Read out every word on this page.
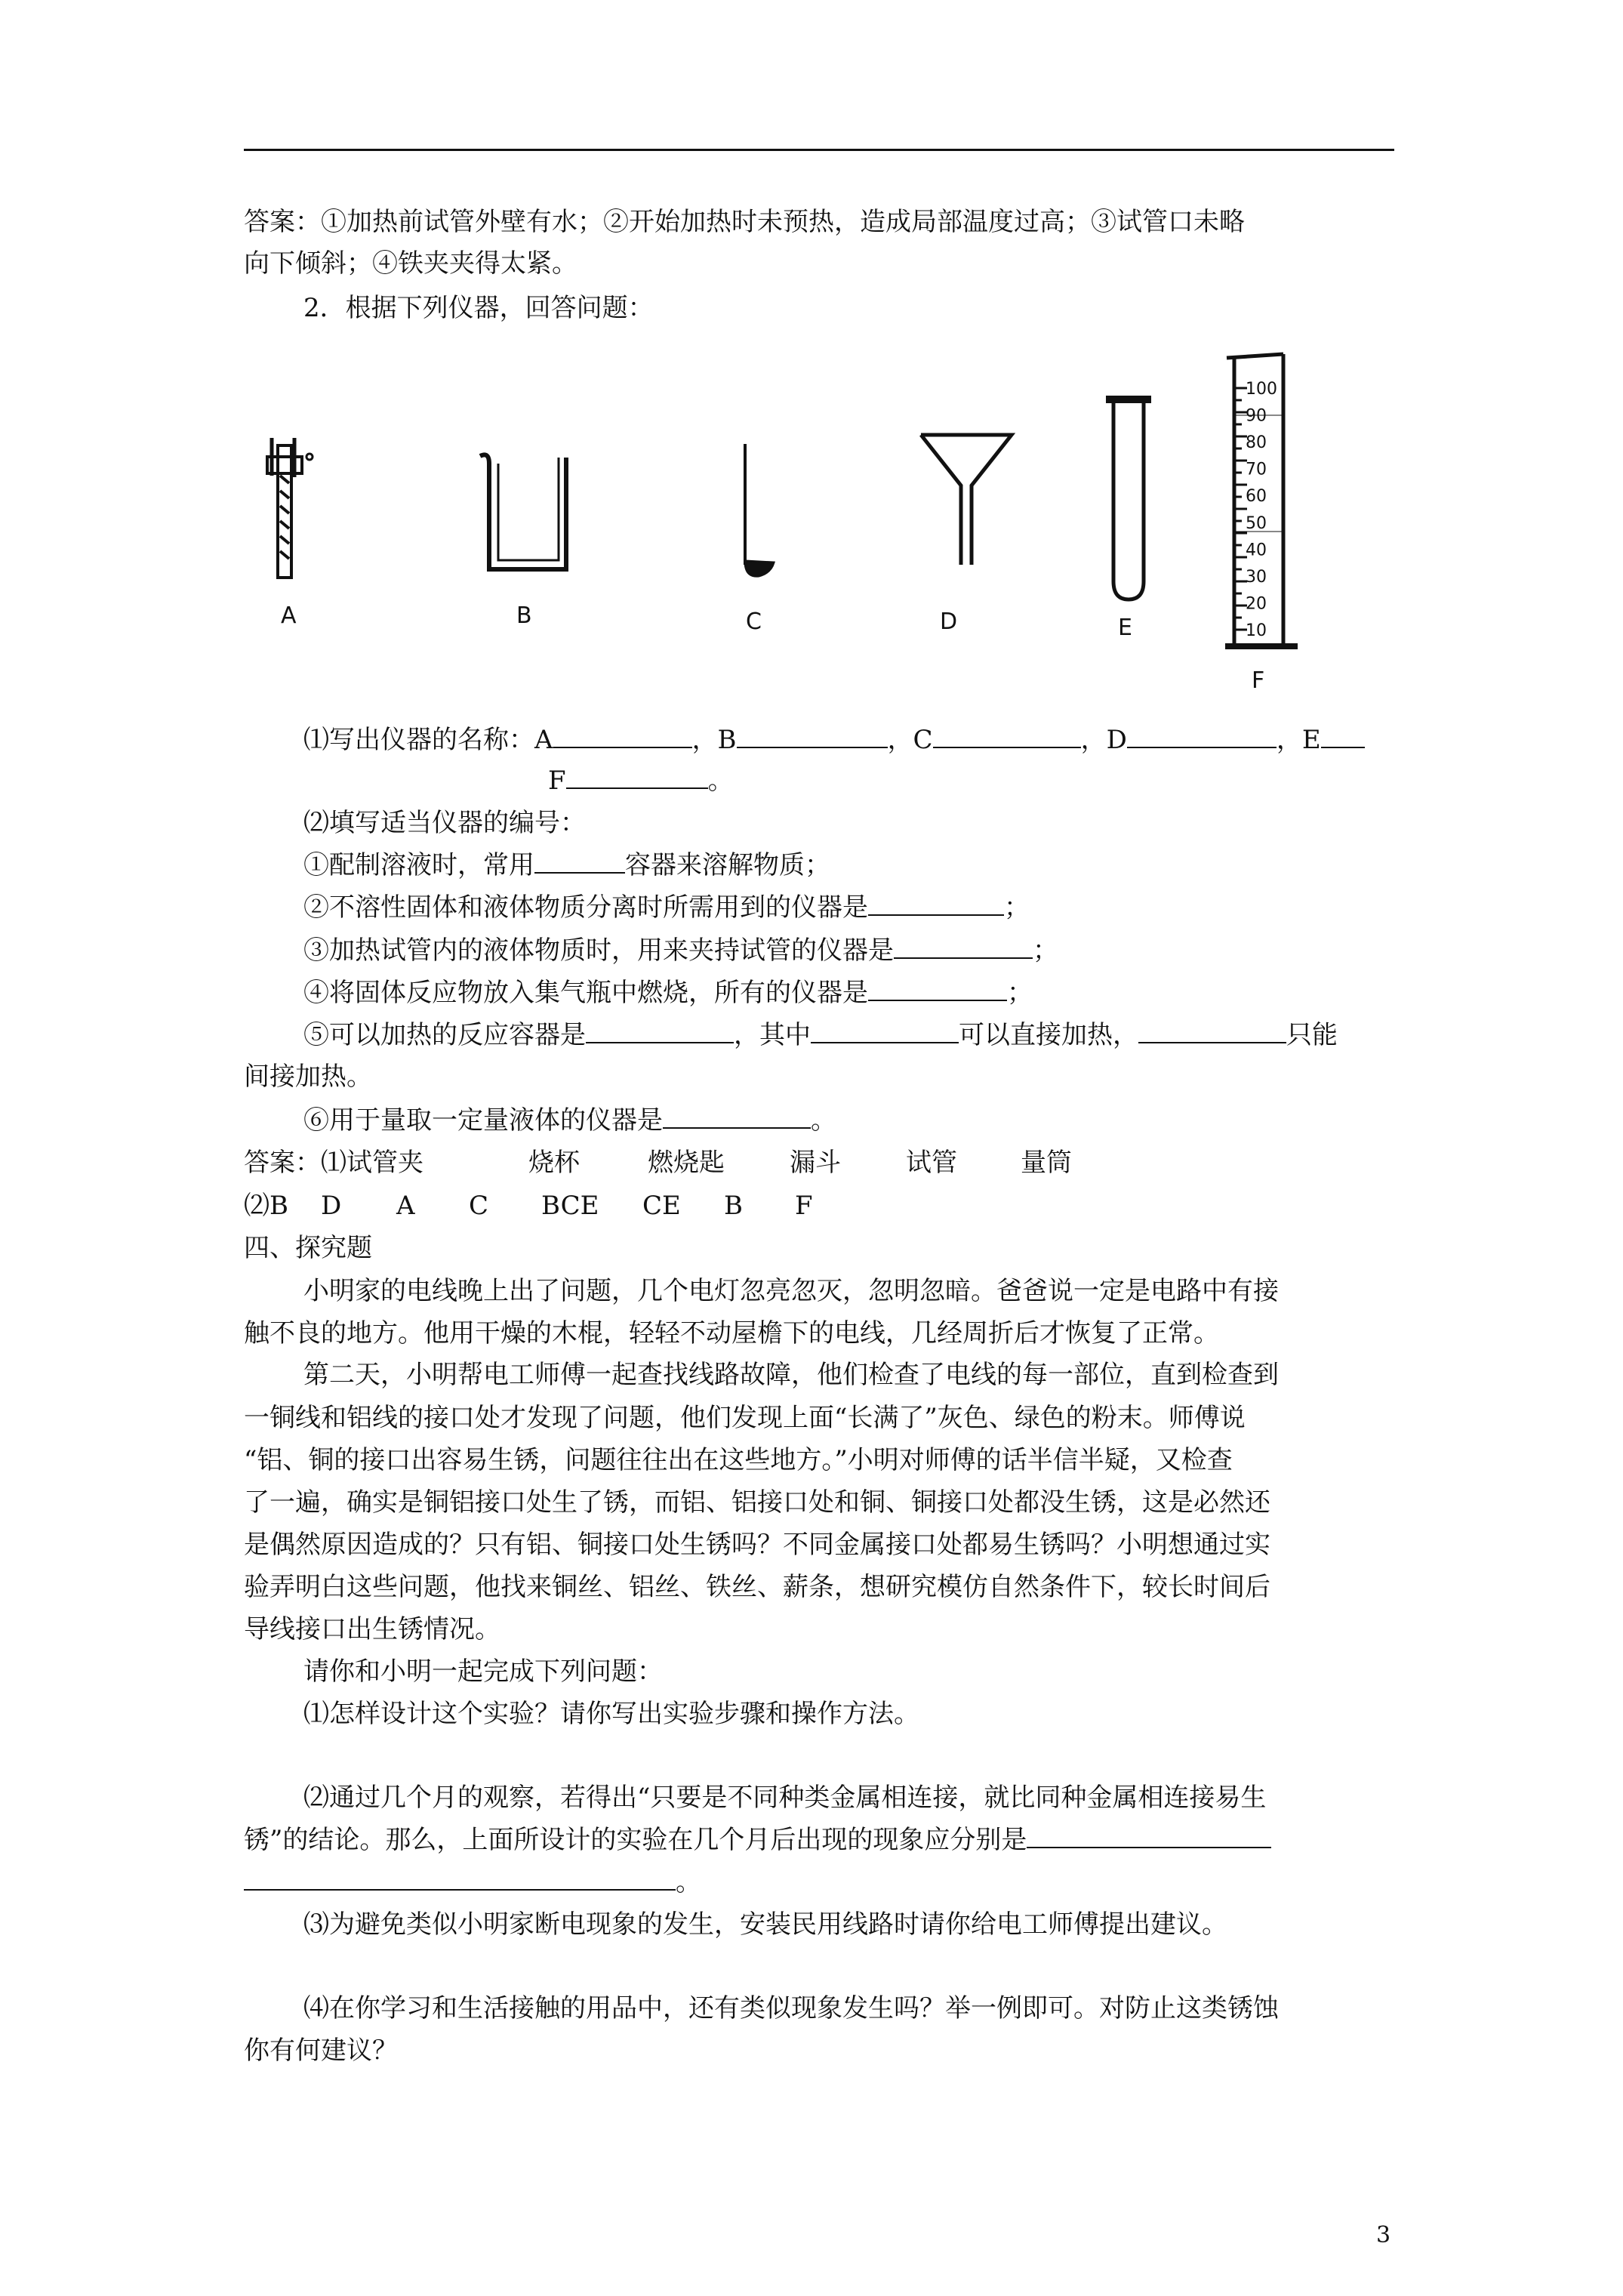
答案：①加热前试管外壁有水；②开始加热时未预热，造成局部温度过高；③试管口未略
向下倾斜；④铁夹夹得太紧。
2．根据下列仪器，回答问题：
100
90
80
70
60
50
40
30
20
10
A	B	C	D	E
F
⑴写出仪器的名称：A	，B	，C	，D	，E
F	。
⑵填写适当仪器的编号：
①配制溶液时，常用	容器来溶解物质；
②不溶性固体和液体物质分离时所需用到的仪器是	；
③加热试管内的液体物质时，用来夹持试管的仪器是	；
④将固体反应物放入集气瓶中燃烧，所有的仪器是	；
⑤可以加热的反应容器是	，其中	可以直接加热，	只能
间接加热。
⑥用于量取一定量液体的仪器是	。
答案：⑴试管夹	烧杯	燃烧匙	漏斗	试管 量筒
⑵B D A C BCE CE B F
四、探究题
小明家的电线晚上出了问题，几个电灯忽亮忽灭，忽明忽暗。爸爸说一定是电路中有接
触不良的地方。他用干燥的木棍，轻轻不动屋檐下的电线，几经周折后才恢复了正常。
第二天，小明帮电工师傅一起查找线路故障，他们检查了电线的每一部位，直到检查到
一铜线和铝线的接口处才发现了问题，他们发现上面“长满了”灰色、绿色的粉末。师傅说
“铝、铜的接口出容易生锈，问题往往出在这些地方。”小明对师傅的话半信半疑，又检查
了一遍，确实是铜铝接口处生了锈，而铝、铝接口处和铜、铜接口处都没生锈，这是必然还
是偶然原因造成的？只有铝、铜接口处生锈吗？不同金属接口处都易生锈吗？小明想通过实
验弄明白这些问题，他找来铜丝、铝丝、铁丝、薪条，想研究模仿自然条件下，较长时间后
导线接口出生锈情况。
请你和小明一起完成下列问题：
⑴怎样设计这个实验？请你写出实验步骤和操作方法。
⑵通过几个月的观察，若得出“只要是不同种类金属相连接，就比同种金属相连接易生
锈”的结论。那么，上面所设计的实验在几个月后出现的现象应分别是
。
⑶为避免类似小明家断电现象的发生，安装民用线路时请你给电工师傅提出建议。
⑷在你学习和生活接触的用品中，还有类似现象发生吗？举一例即可。对防止这类锈蚀
你有何建议？
3
